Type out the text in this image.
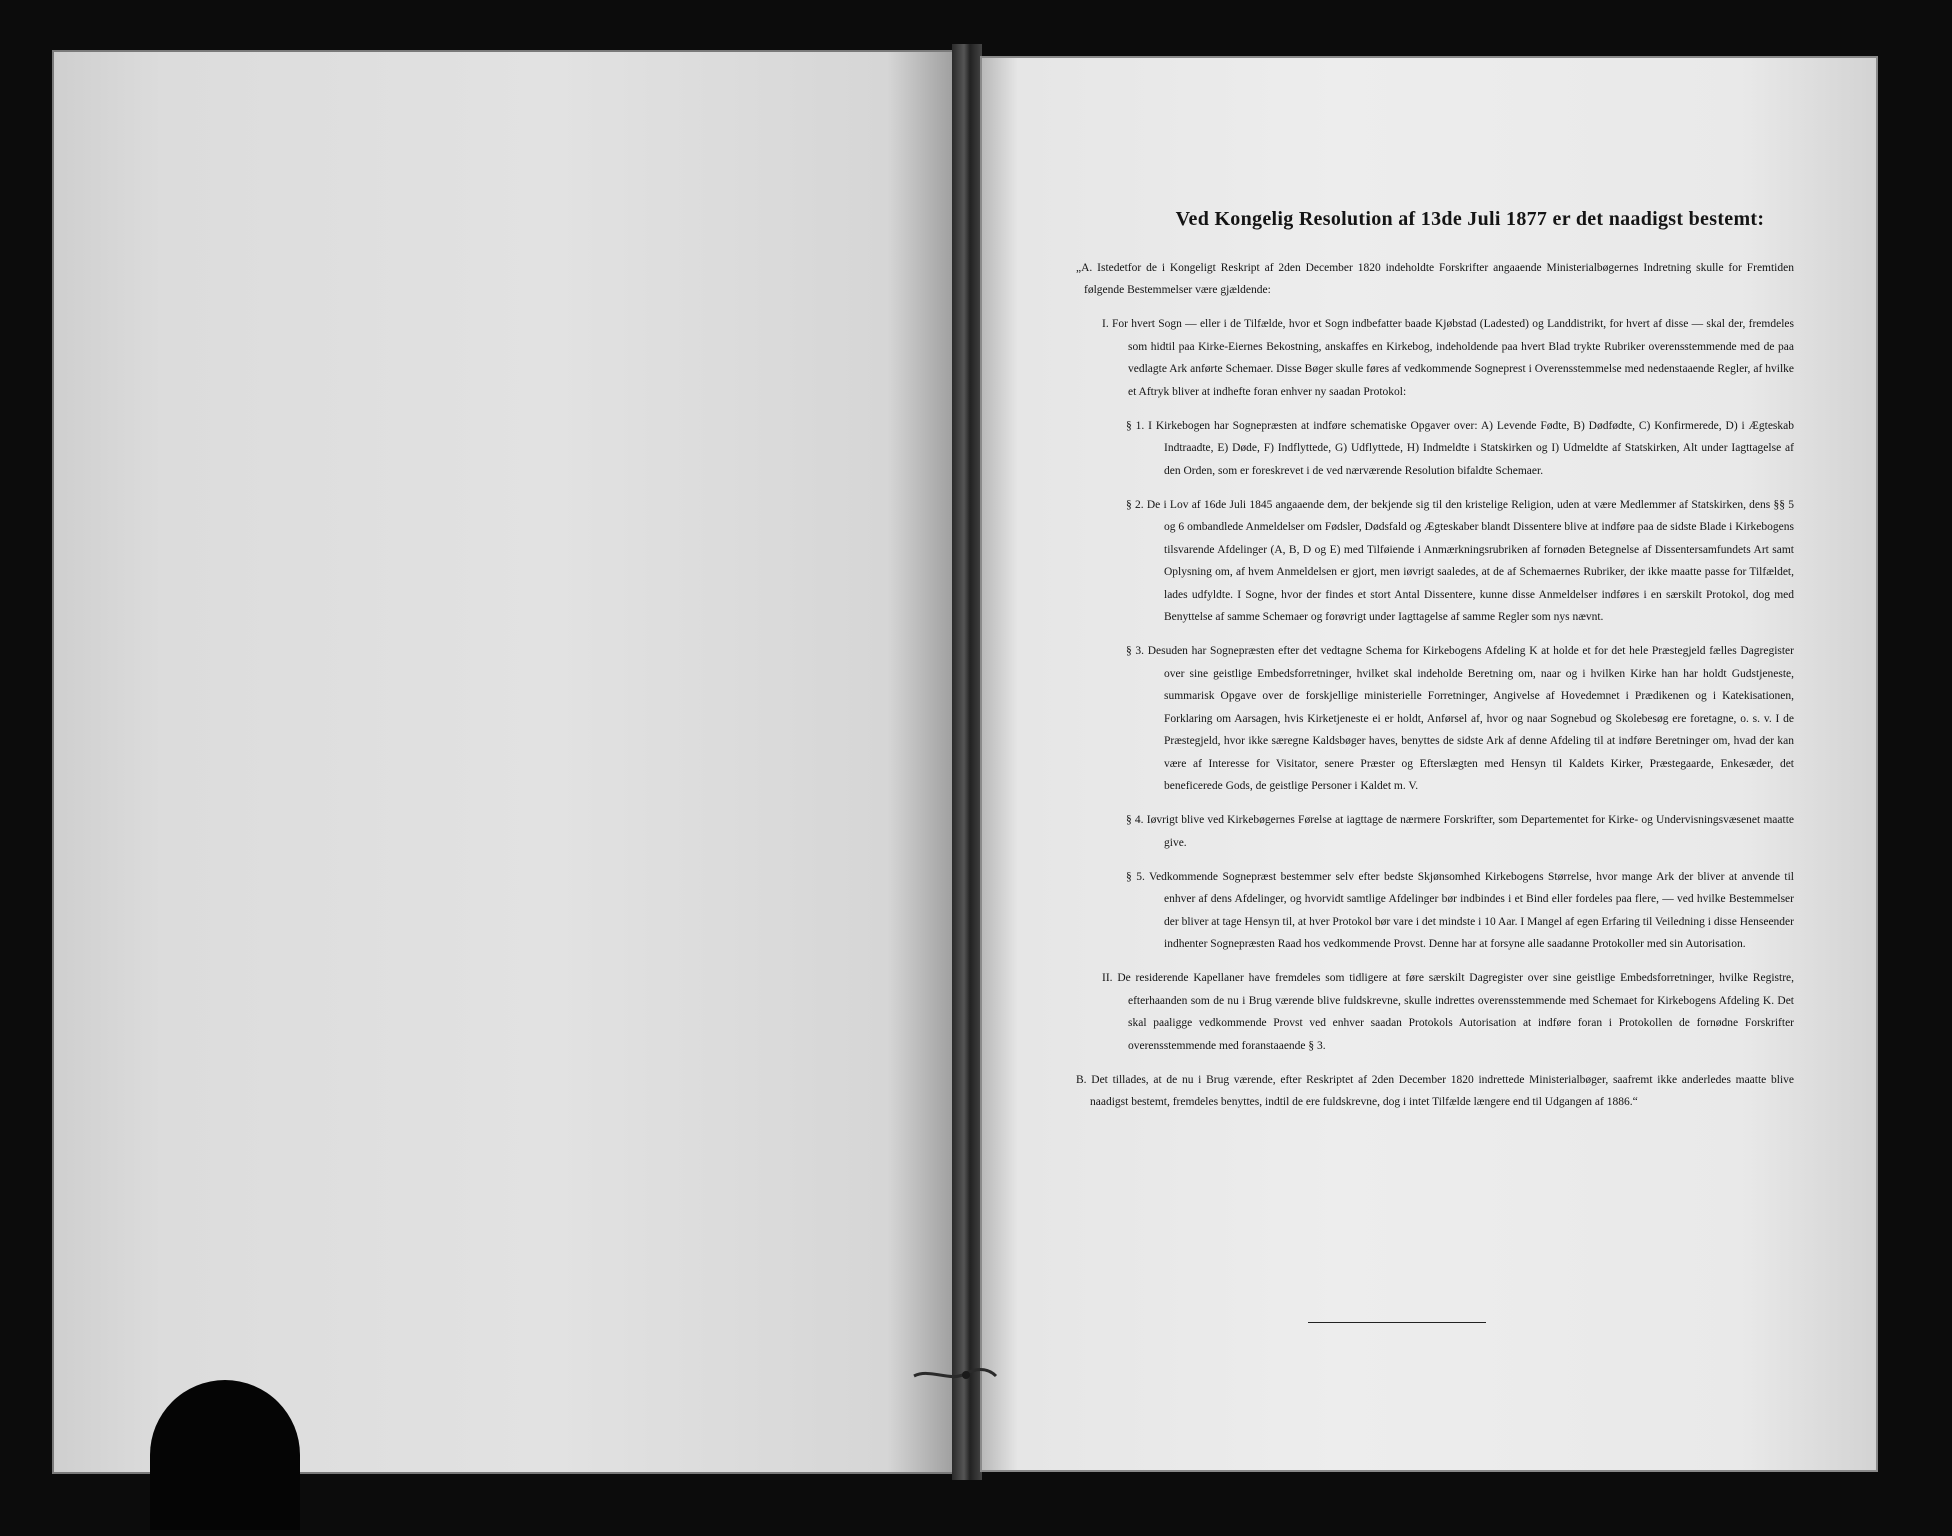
Ved Kongelig Resolution af 13de Juli 1877 er det naadigst bestemt:

„A. Istedetfor de i Kongeligt Reskript af 2den December 1820 indeholdte Forskrifter angaaende Ministerialbøgernes Indretning skulle for Fremtiden følgende Bestemmelser være gjældende:

I. For hvert Sogn — eller i de Tilfælde, hvor et Sogn indbefatter baade Kjøbstad (Ladested) og Landdistrikt, for hvert af disse — skal der, fremdeles som hidtil paa Kirke-Eiernes Bekostning, anskaffes en Kirkebog, indeholdende paa hvert Blad trykte Rubriker overensstemmende med de paa vedlagte Ark anførte Schemaer. Disse Bøger skulle føres af vedkommende Sogneprest i Overensstemmelse med nedenstaaende Regler, af hvilke et Aftryk bliver at indhefte foran enhver ny saadan Protokol:

§ 1. I Kirkebogen har Sognepræsten at indføre schematiske Opgaver over: A) Levende Fødte, B) Dødfødte, C) Konfirmerede, D) i Ægteskab Indtraadte, E) Døde, F) Indflyttede, G) Udflyttede, H) Indmeldte i Statskirken og I) Udmeldte af Statskirken, Alt under Iagttagelse af den Orden, som er foreskrevet i de ved nærværende Resolution bifaldte Schemaer.

§ 2. De i Lov af 16de Juli 1845 angaaende dem, der bekjende sig til den kristelige Religion, uden at være Medlemmer af Statskirken, dens §§ 5 og 6 ombandlede Anmeldelser om Fødsler, Dødsfald og Ægteskaber blandt Dissentere blive at indføre paa de sidste Blade i Kirkebogens tilsvarende Afdelinger (A, B, D og E) med Tilføiende i Anmærkningsrubriken af fornøden Betegnelse af Dissentersamfundets Art samt Oplysning om, af hvem Anmeldelsen er gjort, men iøvrigt saaledes, at de af Schemaernes Rubriker, der ikke maatte passe for Tilfældet, lades udfyldte. I Sogne, hvor der findes et stort Antal Dissentere, kunne disse Anmeldelser indføres i en særskilt Protokol, dog med Benyttelse af samme Schemaer og forøvrigt under Iagttagelse af samme Regler som nys nævnt.

§ 3. Desuden har Sognepræsten efter det vedtagne Schema for Kirkebogens Afdeling K at holde et for det hele Præstegjeld fælles Dagregister over sine geistlige Embedsforretninger, hvilket skal indeholde Beretning om, naar og i hvilken Kirke han har holdt Gudstjeneste, summarisk Opgave over de forskjellige ministerielle Forretninger, Angivelse af Hovedemnet i Prædikenen og i Katekisationen, Forklaring om Aarsagen, hvis Kirketjeneste ei er holdt, Anførsel af, hvor og naar Sognebud og Skolebesøg ere foretagne, o. s. v. I de Præstegjeld, hvor ikke særegne Kaldsbøger haves, benyttes de sidste Ark af denne Afdeling til at indføre Beretninger om, hvad der kan være af Interesse for Visitator, senere Præster og Efterslægten med Hensyn til Kaldets Kirker, Præstegaarde, Enkesæder, det beneficerede Gods, de geistlige Personer i Kaldet m. V.

§ 4. Iøvrigt blive ved Kirkebøgernes Førelse at iagttage de nærmere Forskrifter, som Departementet for Kirke- og Undervisningsvæsenet maatte give.

§ 5. Vedkommende Sognepræst bestemmer selv efter bedste Skjønsomhed Kirkebogens Størrelse, hvor mange Ark der bliver at anvende til enhver af dens Afdelinger, og hvorvidt samtlige Afdelinger bør indbindes i et Bind eller fordeles paa flere, — ved hvilke Bestemmelser der bliver at tage Hensyn til, at hver Protokol bør vare i det mindste i 10 Aar. I Mangel af egen Erfaring til Veiledning i disse Henseender indhenter Sognepræsten Raad hos vedkommende Provst. Denne har at forsyne alle saadanne Protokoller med sin Autorisation.

II. De residerende Kapellaner have fremdeles som tidligere at føre særskilt Dagregister over sine geistlige Embedsforretninger, hvilke Registre, efterhaanden som de nu i Brug værende blive fuldskrevne, skulle indrettes overensstemmende med Schemaet for Kirkebogens Afdeling K. Det skal paaligge vedkommende Provst ved enhver saadan Protokols Autorisation at indføre foran i Protokollen de fornødne Forskrifter overensstemmende med foranstaaende § 3.

B. Det tillades, at de nu i Brug værende, efter Reskriptet af 2den December 1820 indrettede Ministerialbøger, saafremt ikke anderledes maatte blive naadigst bestemt, fremdeles benyttes, indtil de ere fuldskrevne, dog i intet Tilfælde længere end til Udgangen af 1886.“
